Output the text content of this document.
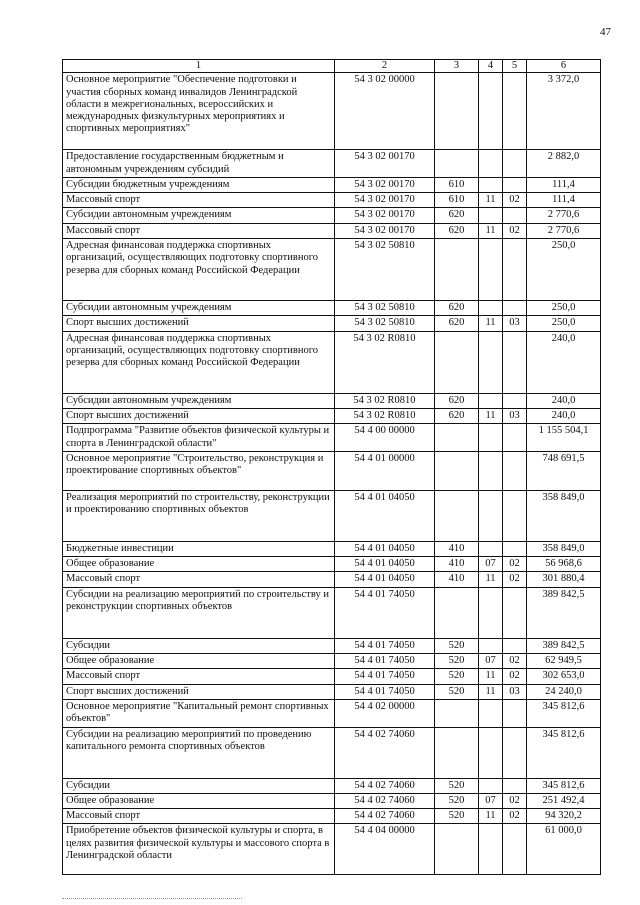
47
1	2	3	4	5	6
Основное мероприятие "Обеспечение подготовки и участия сборных команд инвалидов Ленинградской области в межрегиональных, всероссийских и международных физкультурных мероприятиях и спортивных мероприятиях"	54 3 02 00000				3 372,0
Предоставление государственным бюджетным и автономным учреждениям субсидий	54 3 02 00170				2 882,0
Субсидии бюджетным учреждениям	54 3 02 00170	610			111,4
Массовый спорт	54 3 02 00170	610	11	02	111,4
Субсидии автономным учреждениям	54 3 02 00170	620			2 770,6
Массовый спорт	54 3 02 00170	620	11	02	2 770,6
Адресная финансовая поддержка спортивных организаций, осуществляющих подготовку спортивного резерва для сборных команд Российской Федерации	54 3 02 50810				250,0
Субсидии автономным учреждениям	54 3 02 50810	620			250,0
Спорт высших достижений	54 3 02 50810	620	11	03	250,0
Адресная финансовая поддержка спортивных организаций, осуществляющих подготовку спортивного резерва для сборных команд Российской Федерации	54 3 02 R0810				240,0
Субсидии автономным учреждениям	54 3 02 R0810	620			240,0
Спорт высших достижений	54 3 02 R0810	620	11	03	240,0
Подпрограмма "Развитие объектов физической культуры и спорта в Ленинградской области"	54 4 00 00000				1 155 504,1
Основное мероприятие "Строительство, реконструкция и проектирование спортивных объектов"	54 4 01 00000				748 691,5
Реализация мероприятий по строительству, реконструкции и проектированию спортивных объектов	54 4 01 04050				358 849,0
Бюджетные инвестиции	54 4 01 04050	410			358 849,0
Общее образование	54 4 01 04050	410	07	02	56 968,6
Массовый спорт	54 4 01 04050	410	11	02	301 880,4
Субсидии на реализацию мероприятий по строительству и реконструкции спортивных объектов	54 4 01 74050				389 842,5
Субсидии	54 4 01 74050	520			389 842,5
Общее образование	54 4 01 74050	520	07	02	62 949,5
Массовый спорт	54 4 01 74050	520	11	02	302 653,0
Спорт высших достижений	54 4 01 74050	520	11	03	24 240,0
Основное мероприятие "Капитальный ремонт спортивных объектов"	54 4 02 00000				345 812,6
Субсидии на реализацию мероприятий по проведению капитального ремонта спортивных объектов	54 4 02 74060				345 812,6
Субсидии	54 4 02 74060	520			345 812,6
Общее образование	54 4 02 74060	520	07	02	251 492,4
Массовый спорт	54 4 02 74060	520	11	02	94 320,2
Приобретение объектов физической культуры и спорта, в целях развития физической культуры и массового спорта в Ленинградской области	54 4 04 00000				61 000,0
